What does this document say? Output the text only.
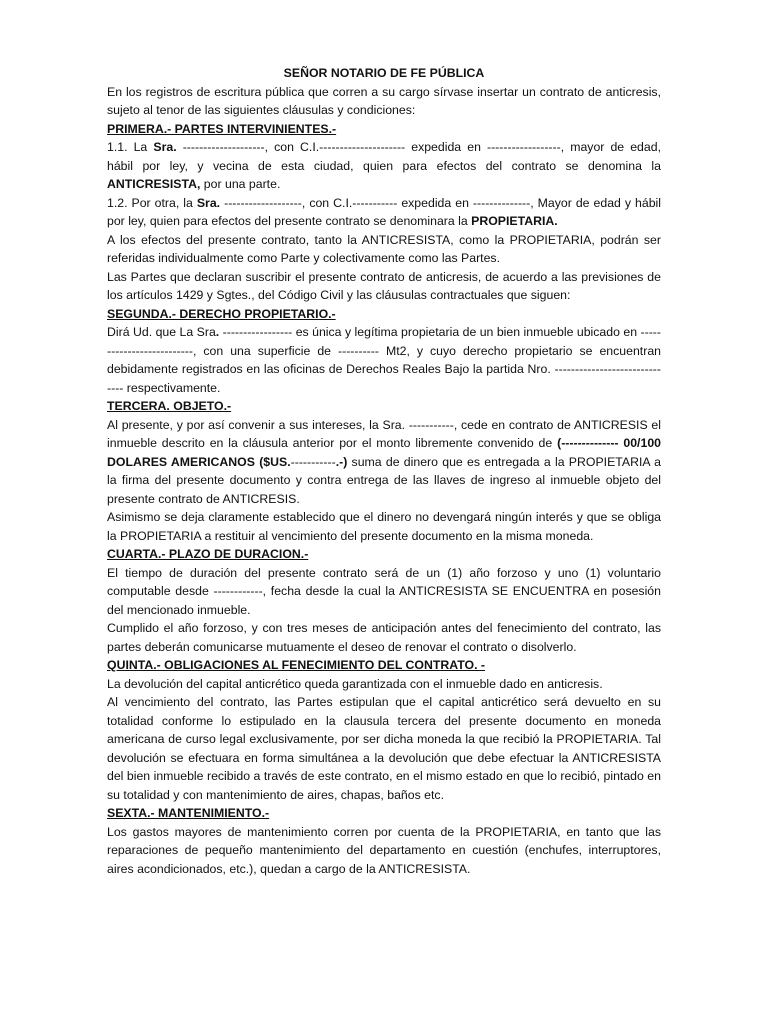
SEÑOR NOTARIO DE FE PÚBLICA

En los registros de escritura pública que corren a su cargo sírvase insertar un contrato de anticresis, sujeto al tenor de las siguientes cláusulas y condiciones:

PRIMERA.- PARTES INTERVINIENTES.-

1.1. La Sra. --------------------, con C.I.--------------------- expedida en ------------------, mayor de edad, hábil por ley, y vecina de esta ciudad, quien para efectos del contrato se denomina la ANTICRESISTA, por una parte.

1.2. Por otra, la Sra. -------------------, con C.I.----------- expedida en --------------, Mayor de edad y hábil por ley, quien para efectos del presente contrato se denominara la PROPIETARIA.

A los efectos del presente contrato, tanto la ANTICRESISTA, como la PROPIETARIA, podrán ser referidas individualmente como Parte y colectivamente como las Partes.

Las Partes que declaran suscribir el presente contrato de anticresis, de acuerdo a las previsiones de los artículos 1429 y Sgtes., del Código Civil y las cláusulas contractuales que siguen:

SEGUNDA.- DERECHO PROPIETARIO.-

Dirá Ud. que La Sra. ----------------- es única y legítima propietaria de un bien inmueble ubicado en --------------------------, con una superficie de ---------- Mt2, y cuyo derecho propietario se encuentran debidamente registrados en las oficinas de Derechos Reales Bajo la partida Nro. ------------------------------ respectivamente.

TERCERA. OBJETO.-

Al presente, y por así convenir a sus intereses, la Sra. -----------, cede en contrato de ANTICRESIS el inmueble descrito en la cláusula anterior por el monto libremente convenido de (-------------- 00/100 DOLARES AMERICANOS ($US.-----------.-) suma de dinero que es entregada a la PROPIETARIA a la firma del presente documento y contra entrega de las llaves de ingreso al inmueble objeto del presente contrato de ANTICRESIS.

Asimismo se deja claramente establecido que el dinero no devengará ningún interés y que se obliga la PROPIETARIA a restituir al vencimiento del presente documento en la misma moneda.

CUARTA.- PLAZO DE DURACION.-

El tiempo de duración del presente contrato será de un (1) año forzoso y uno (1) voluntario computable desde ------------, fecha desde la cual la ANTICRESISTA SE ENCUENTRA en posesión del mencionado inmueble.

Cumplido el año forzoso, y con tres meses de anticipación antes del fenecimiento del contrato, las partes deberán comunicarse mutuamente el deseo de renovar el contrato o disolverlo.

QUINTA.- OBLIGACIONES AL FENECIMIENTO DEL CONTRATO. -

La devolución del capital anticrético queda garantizada con el inmueble dado en anticresis.

Al vencimiento del contrato, las Partes estipulan que el capital anticrético será devuelto en su totalidad conforme lo estipulado en la clausula tercera del presente documento en moneda americana de curso legal exclusivamente, por ser dicha moneda la que recibió la PROPIETARIA. Tal devolución se efectuara en forma simultánea a la devolución que debe efectuar la ANTICRESISTA del bien inmueble recibido a través de este contrato, en el mismo estado en que lo recibió, pintado en su totalidad y con mantenimiento de aires, chapas, baños etc.

SEXTA.- MANTENIMIENTO.-

Los gastos mayores de mantenimiento corren por cuenta de la PROPIETARIA, en tanto que las reparaciones de pequeño mantenimiento del departamento en cuestión (enchufes, interruptores, aires acondicionados, etc.), quedan a cargo de la ANTICRESISTA.
